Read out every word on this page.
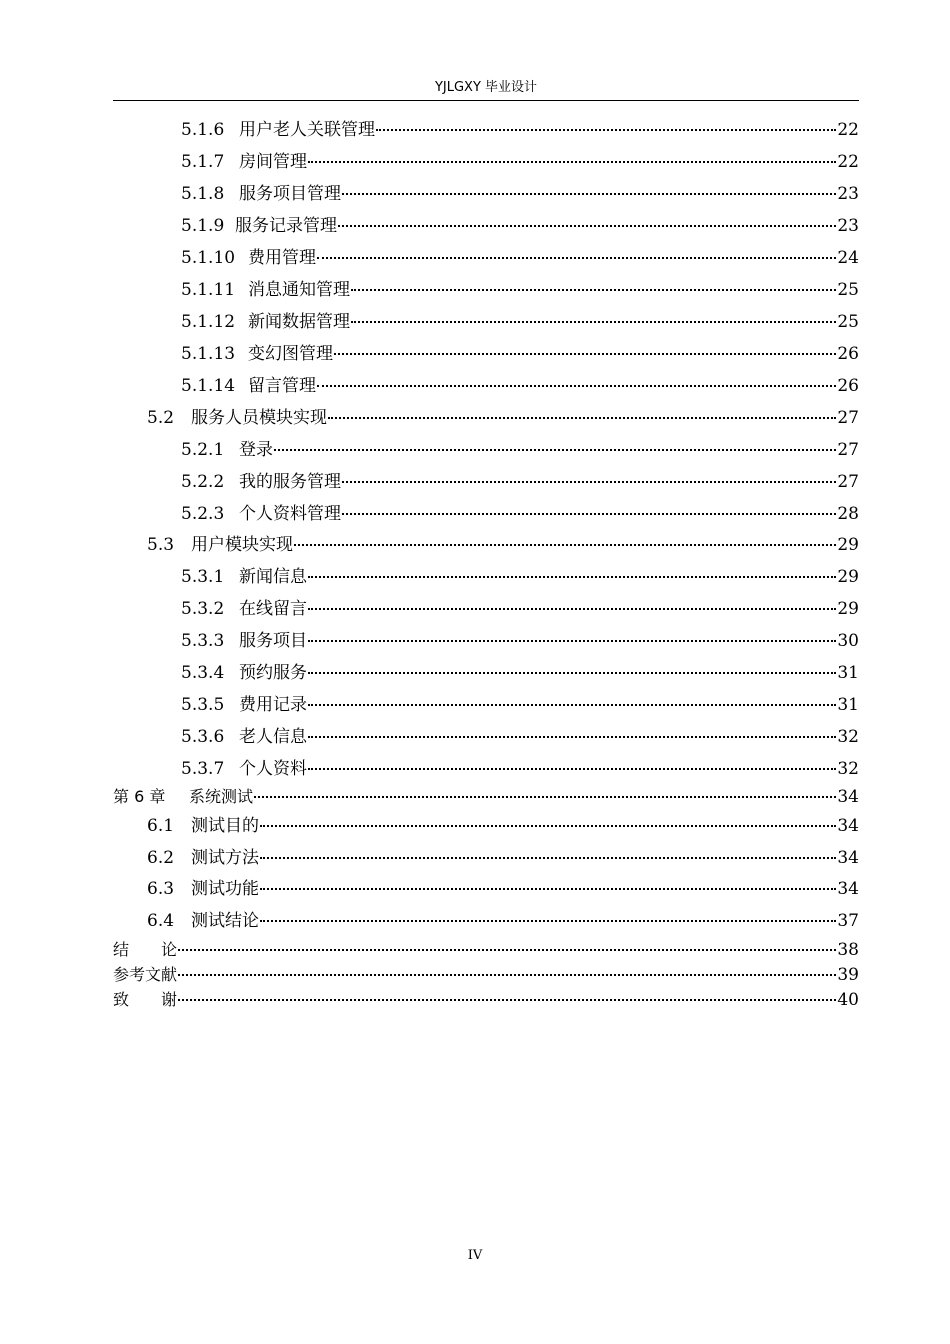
YJLGXY 毕业设计
5.1.6 用户老人关联管理	22
5.1.7 房间管理	22
5.1.8 服务项目管理	23
5.1.9 服务记录管理	23
5.1.10 费用管理	24
5.1.11 消息通知管理	25
5.1.12 新闻数据管理	25
5.1.13 变幻图管理	26
5.1.14 留言管理	26
5.2 服务人员模块实现	27
5.2.1 登录	27
5.2.2 我的服务管理	27
5.2.3 个人资料管理	28
5.3 用户模块实现	29
5.3.1 新闻信息	29
5.3.2 在线留言	29
5.3.3 服务项目	30
5.3.4 预约服务	31
5.3.5 费用记录	31
5.3.6 老人信息	32
5.3.7 个人资料	32
第 6 章	系统测试	34
6.1 测试目的	34
6.2 测试方法	34
6.3 测试功能	34
6.4 测试结论	37
结　　论	38
参考文献	39
致　　谢	40
IV
